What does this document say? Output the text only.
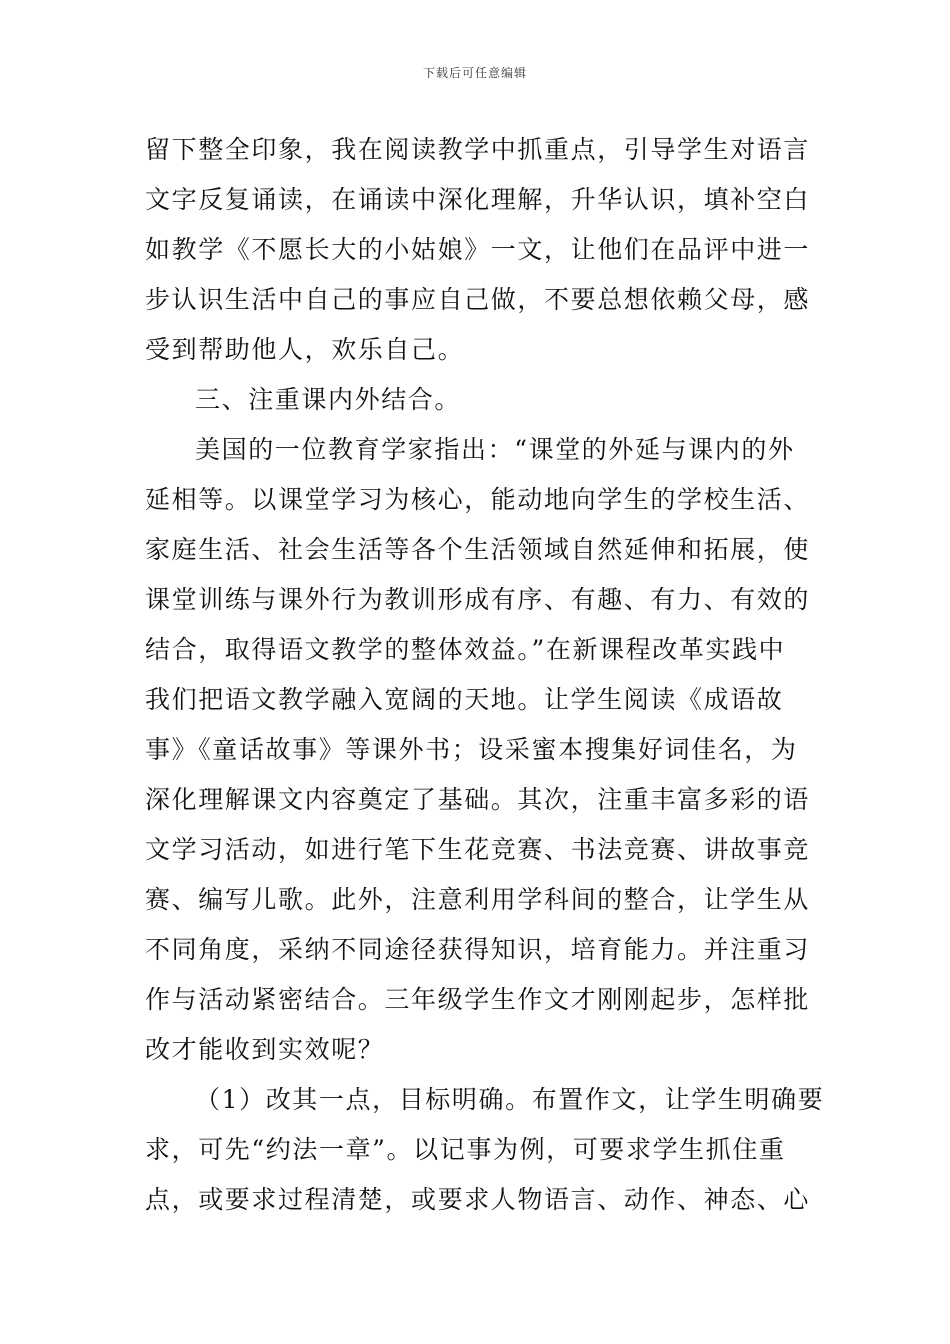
下载后可任意编辑
留下整全印象，我在阅读教学中抓重点，引导学生对语言
文字反复诵读，在诵读中深化理解，升华认识，填补空白
如教学《不愿长大的小姑娘》一文，让他们在品评中进一
步认识生活中自己的事应自己做，不要总想依赖父母，感
受到帮助他人，欢乐自己。
三、注重课内外结合。
美国的一位教育学家指出：“课堂的外延与课内的外
延相等。以课堂学习为核心，能动地向学生的学校生活、
家庭生活、社会生活等各个生活领域自然延伸和拓展，使
课堂训练与课外行为教训形成有序、有趣、有力、有效的
结合，取得语文教学的整体效益。”在新课程改革实践中
我们把语文教学融入宽阔的天地。让学生阅读《成语故
事》《童话故事》等课外书；设采蜜本搜集好词佳名，为
深化理解课文内容奠定了基础。其次，注重丰富多彩的语
文学习活动，如进行笔下生花竞赛、书法竞赛、讲故事竞
赛、编写儿歌。此外，注意利用学科间的整合，让学生从
不同角度，采纳不同途径获得知识，培育能力。并注重习
作与活动紧密结合。三年级学生作文才刚刚起步，怎样批
改才能收到实效呢？
（1）改其一点，目标明确。布置作文，让学生明确要
求，可先“约法一章”。以记事为例，可要求学生抓住重
点，或要求过程清楚，或要求人物语言、动作、神态、心
